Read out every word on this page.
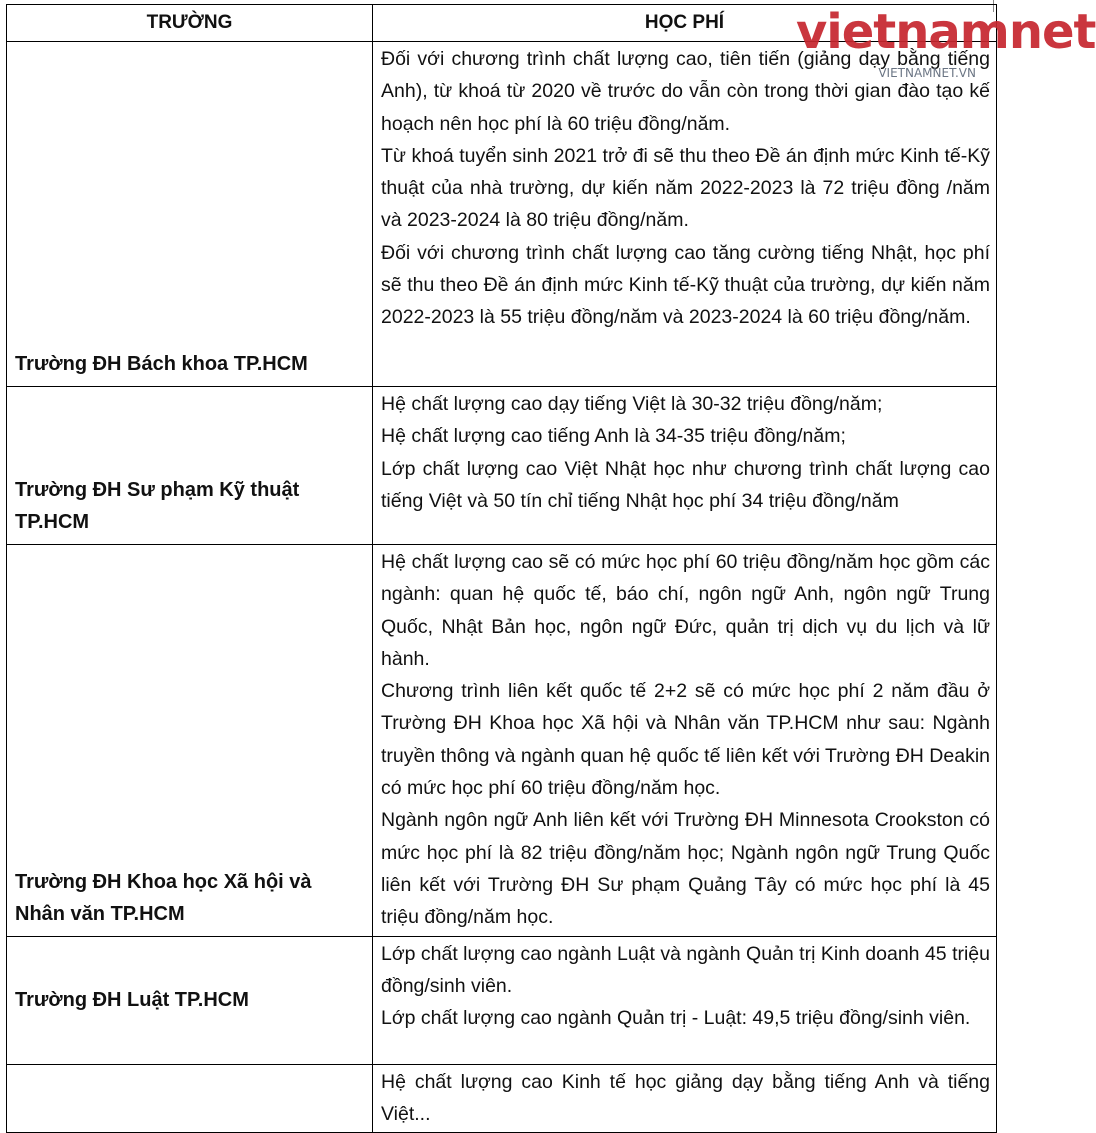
TRƯỜNG	HỌC PHÍ

Trường ĐH Bách khoa TP.HCM	Đối với chương trình chất lượng cao, tiên tiến (giảng dạy bằng tiếng Anh), từ khoá từ 2020 về trước do vẫn còn trong thời gian đào tạo kế hoạch nên học phí là 60 triệu đồng/năm.

Từ khoá tuyển sinh 2021 trở đi sẽ thu theo Đề án định mức Kinh tế-Kỹ thuật của nhà trường, dự kiến năm 2022-2023 là 72 triệu đồng /năm và 2023-2024 là 80 triệu đồng/năm.

Đối với chương trình chất lượng cao tăng cường tiếng Nhật, học phí sẽ thu theo Đề án định mức Kinh tế-Kỹ thuật của trường, dự kiến năm 2022-2023 là 55 triệu đồng/năm và 2023-2024 là 60 triệu đồng/năm.

Trường ĐH Sư phạm Kỹ thuật TP.HCM	Hệ chất lượng cao dạy tiếng Việt là 30-32 triệu đồng/năm;

Hệ chất lượng cao tiếng Anh là 34-35 triệu đồng/năm;

Lớp chất lượng cao Việt Nhật học như chương trình chất lượng cao tiếng Việt và 50 tín chỉ tiếng Nhật học phí 34 triệu đồng/năm

Trường ĐH Khoa học Xã hội và Nhân văn TP.HCM	Hệ chất lượng cao sẽ có mức học phí 60 triệu đồng/năm học gồm các ngành: quan hệ quốc tế, báo chí, ngôn ngữ Anh, ngôn ngữ Trung Quốc, Nhật Bản học, ngôn ngữ Đức, quản trị dịch vụ du lịch và lữ hành.

Chương trình liên kết quốc tế 2+2 sẽ có mức học phí 2 năm đầu ở Trường ĐH Khoa học Xã hội và Nhân văn TP.HCM như sau: Ngành truyền thông và ngành quan hệ quốc tế liên kết với Trường ĐH Deakin có mức học phí 60 triệu đồng/năm học.

Ngành ngôn ngữ Anh liên kết với Trường ĐH Minnesota Crookston có mức học phí là 82 triệu đồng/năm học; Ngành ngôn ngữ Trung Quốc liên kết với Trường ĐH Sư phạm Quảng Tây có mức học phí là 45 triệu đồng/năm học.

Trường ĐH Luật TP.HCM	Lớp chất lượng cao ngành Luật và ngành Quản trị Kinh doanh 45 triệu đồng/sinh viên.

Lớp chất lượng cao ngành Quản trị - Luật: 49,5 triệu đồng/sinh viên.

	Hệ chất lượng cao Kinh tế học giảng dạy bằng tiếng Anh và tiếng Việt...

vietnamnet
VIETNAMNET.VN
